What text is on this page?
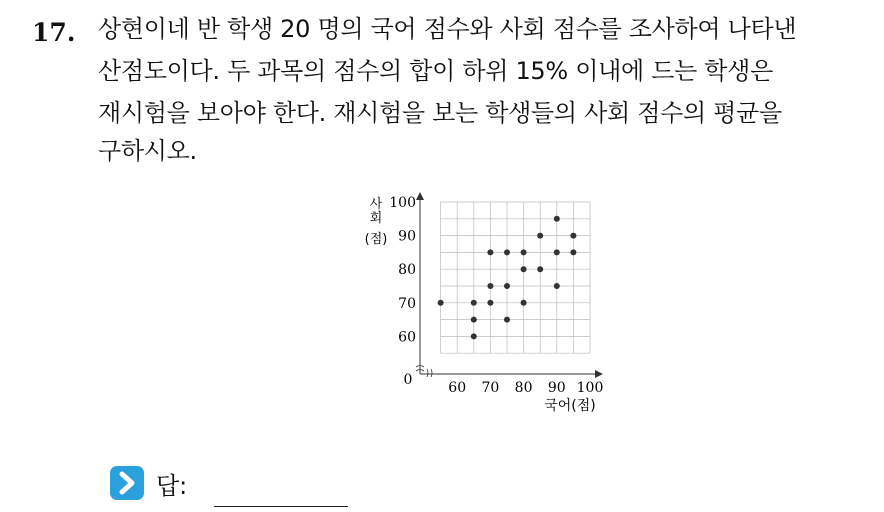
17. 상현이네 반 학생 20 명의 국어 점수와 사회 점수를 조사하여 나타낸
산점도이다. 두 과목의 점수의 합이 하위 15% 이내에 드는 학생은
재시험을 보아야 한다. 재시험을 보는 학생들의 사회 점수의 평균을
구하시오.
60 70 80 90 100
60
70
80
90
100
사
회
(점)
국어(점)
0
답:
